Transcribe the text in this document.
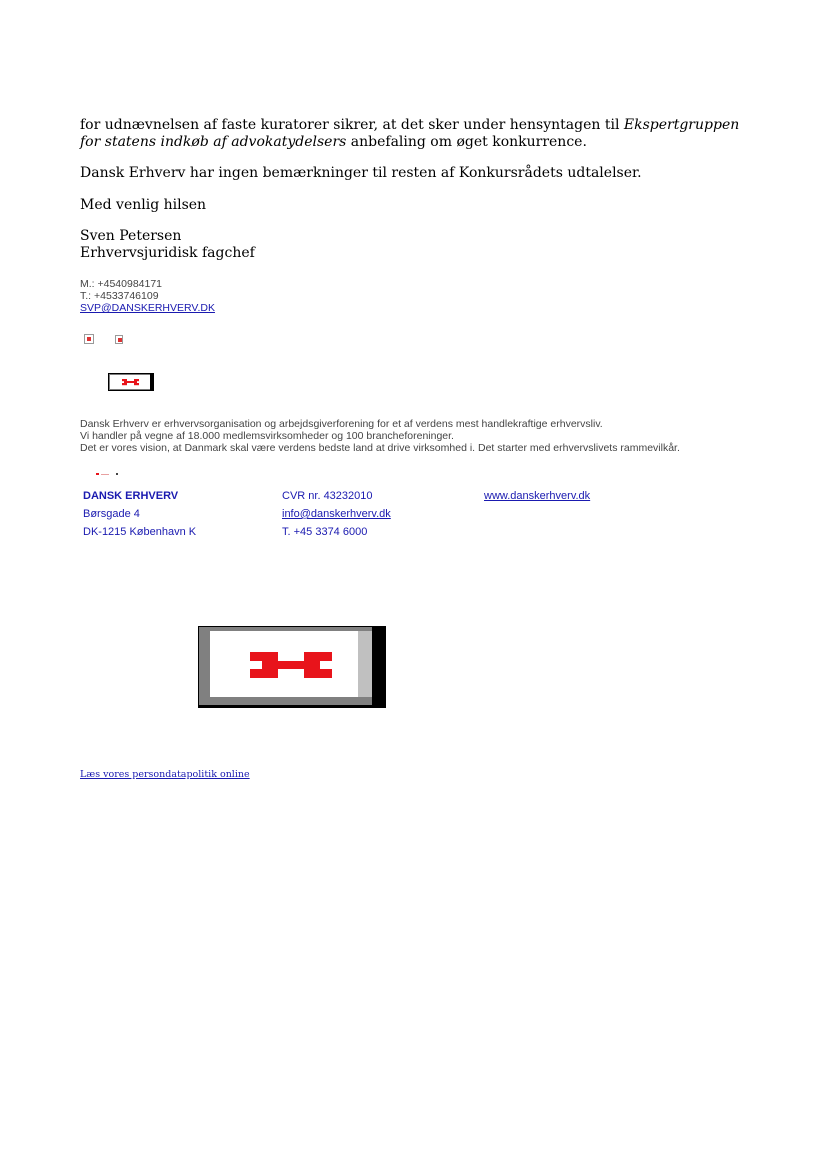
for udnævnelsen af faste kuratorer sikrer, at det sker under hensyntagen til Ekspertgruppen for statens indkøb af advokatydelsers anbefaling om øget konkurrence.
Dansk Erhverv har ingen bemærkninger til resten af Konkursrådets udtalelser.
Med venlig hilsen
Sven Petersen
Erhvervsjuridisk fagchef
M.: +4540984171
T.: +4533746109
SVP@DANSKERHVERV.DK
Dansk Erhverv er erhvervsorganisation og arbejdsgiverforening for et af verdens mest handlekraftige erhvervsliv.
Vi handler på vegne af 18.000 medlemsvirksomheder og 100 brancheforeninger.
Det er vores vision, at Danmark skal være verdens bedste land at drive virksomhed i. Det starter med erhvervslivets rammevilkår.
DANSK ERHVERV
Børsgade 4
DK-1215 København K
CVR nr. 43232010
info@danskerhverv.dk
T. +45 3374 6000
www.danskerhverv.dk
Læs vores persondatapolitik online
